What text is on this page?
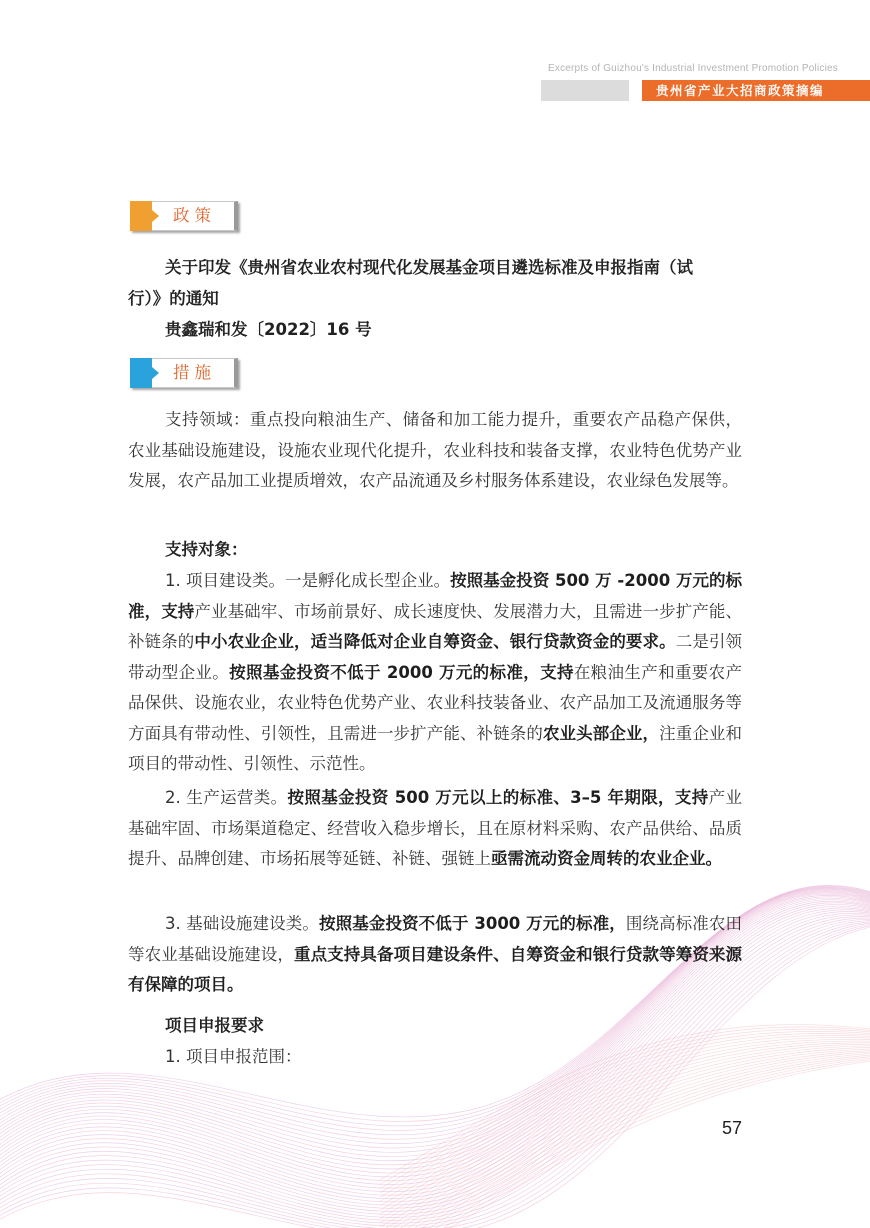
Excerpts of Guizhou's Industrial Investment Promotion Policies
贵州省产业大招商政策摘编
政策

关于印发《贵州省农业农村现代化发展基金项目遴选标准及申报指南（试

行）》的通知

贵鑫瑞和发〔2022〕16 号

措施

支持领域：重点投向粮油生产、储备和加工能力提升，重要农产品稳产保供，农业基础设施建设，设施农业现代化提升，农业科技和装备支撑，农业特色优势产业发展，农产品加工业提质增效，农产品流通及乡村服务体系建设，农业绿色发展等。

支持对象：

1. 项目建设类。一是孵化成长型企业。按照基金投资 500 万 -2000 万元的标准，支持产业基础牢、市场前景好、成长速度快、发展潜力大，且需进一步扩产能、补链条的中小农业企业，适当降低对企业自筹资金、银行贷款资金的要求。二是引领带动型企业。按照基金投资不低于 2000 万元的标准，支持在粮油生产和重要农产品保供、设施农业，农业特色优势产业、农业科技装备业、农产品加工及流通服务等方面具有带动性、引领性，且需进一步扩产能、补链条的农业头部企业，注重企业和项目的带动性、引领性、示范性。

2. 生产运营类。按照基金投资 500 万元以上的标准、3–5 年期限，支持产业基础牢固、市场渠道稳定、经营收入稳步增长，且在原材料采购、农产品供给、品质提升、品牌创建、市场拓展等延链、补链、强链上亟需流动资金周转的农业企业。

3. 基础设施建设类。按照基金投资不低于 3000 万元的标准，围绕高标准农田等农业基础设施建设，重点支持具备项目建设条件、自筹资金和银行贷款等筹资来源有保障的项目。

项目申报要求

1. 项目申报范围：

57
